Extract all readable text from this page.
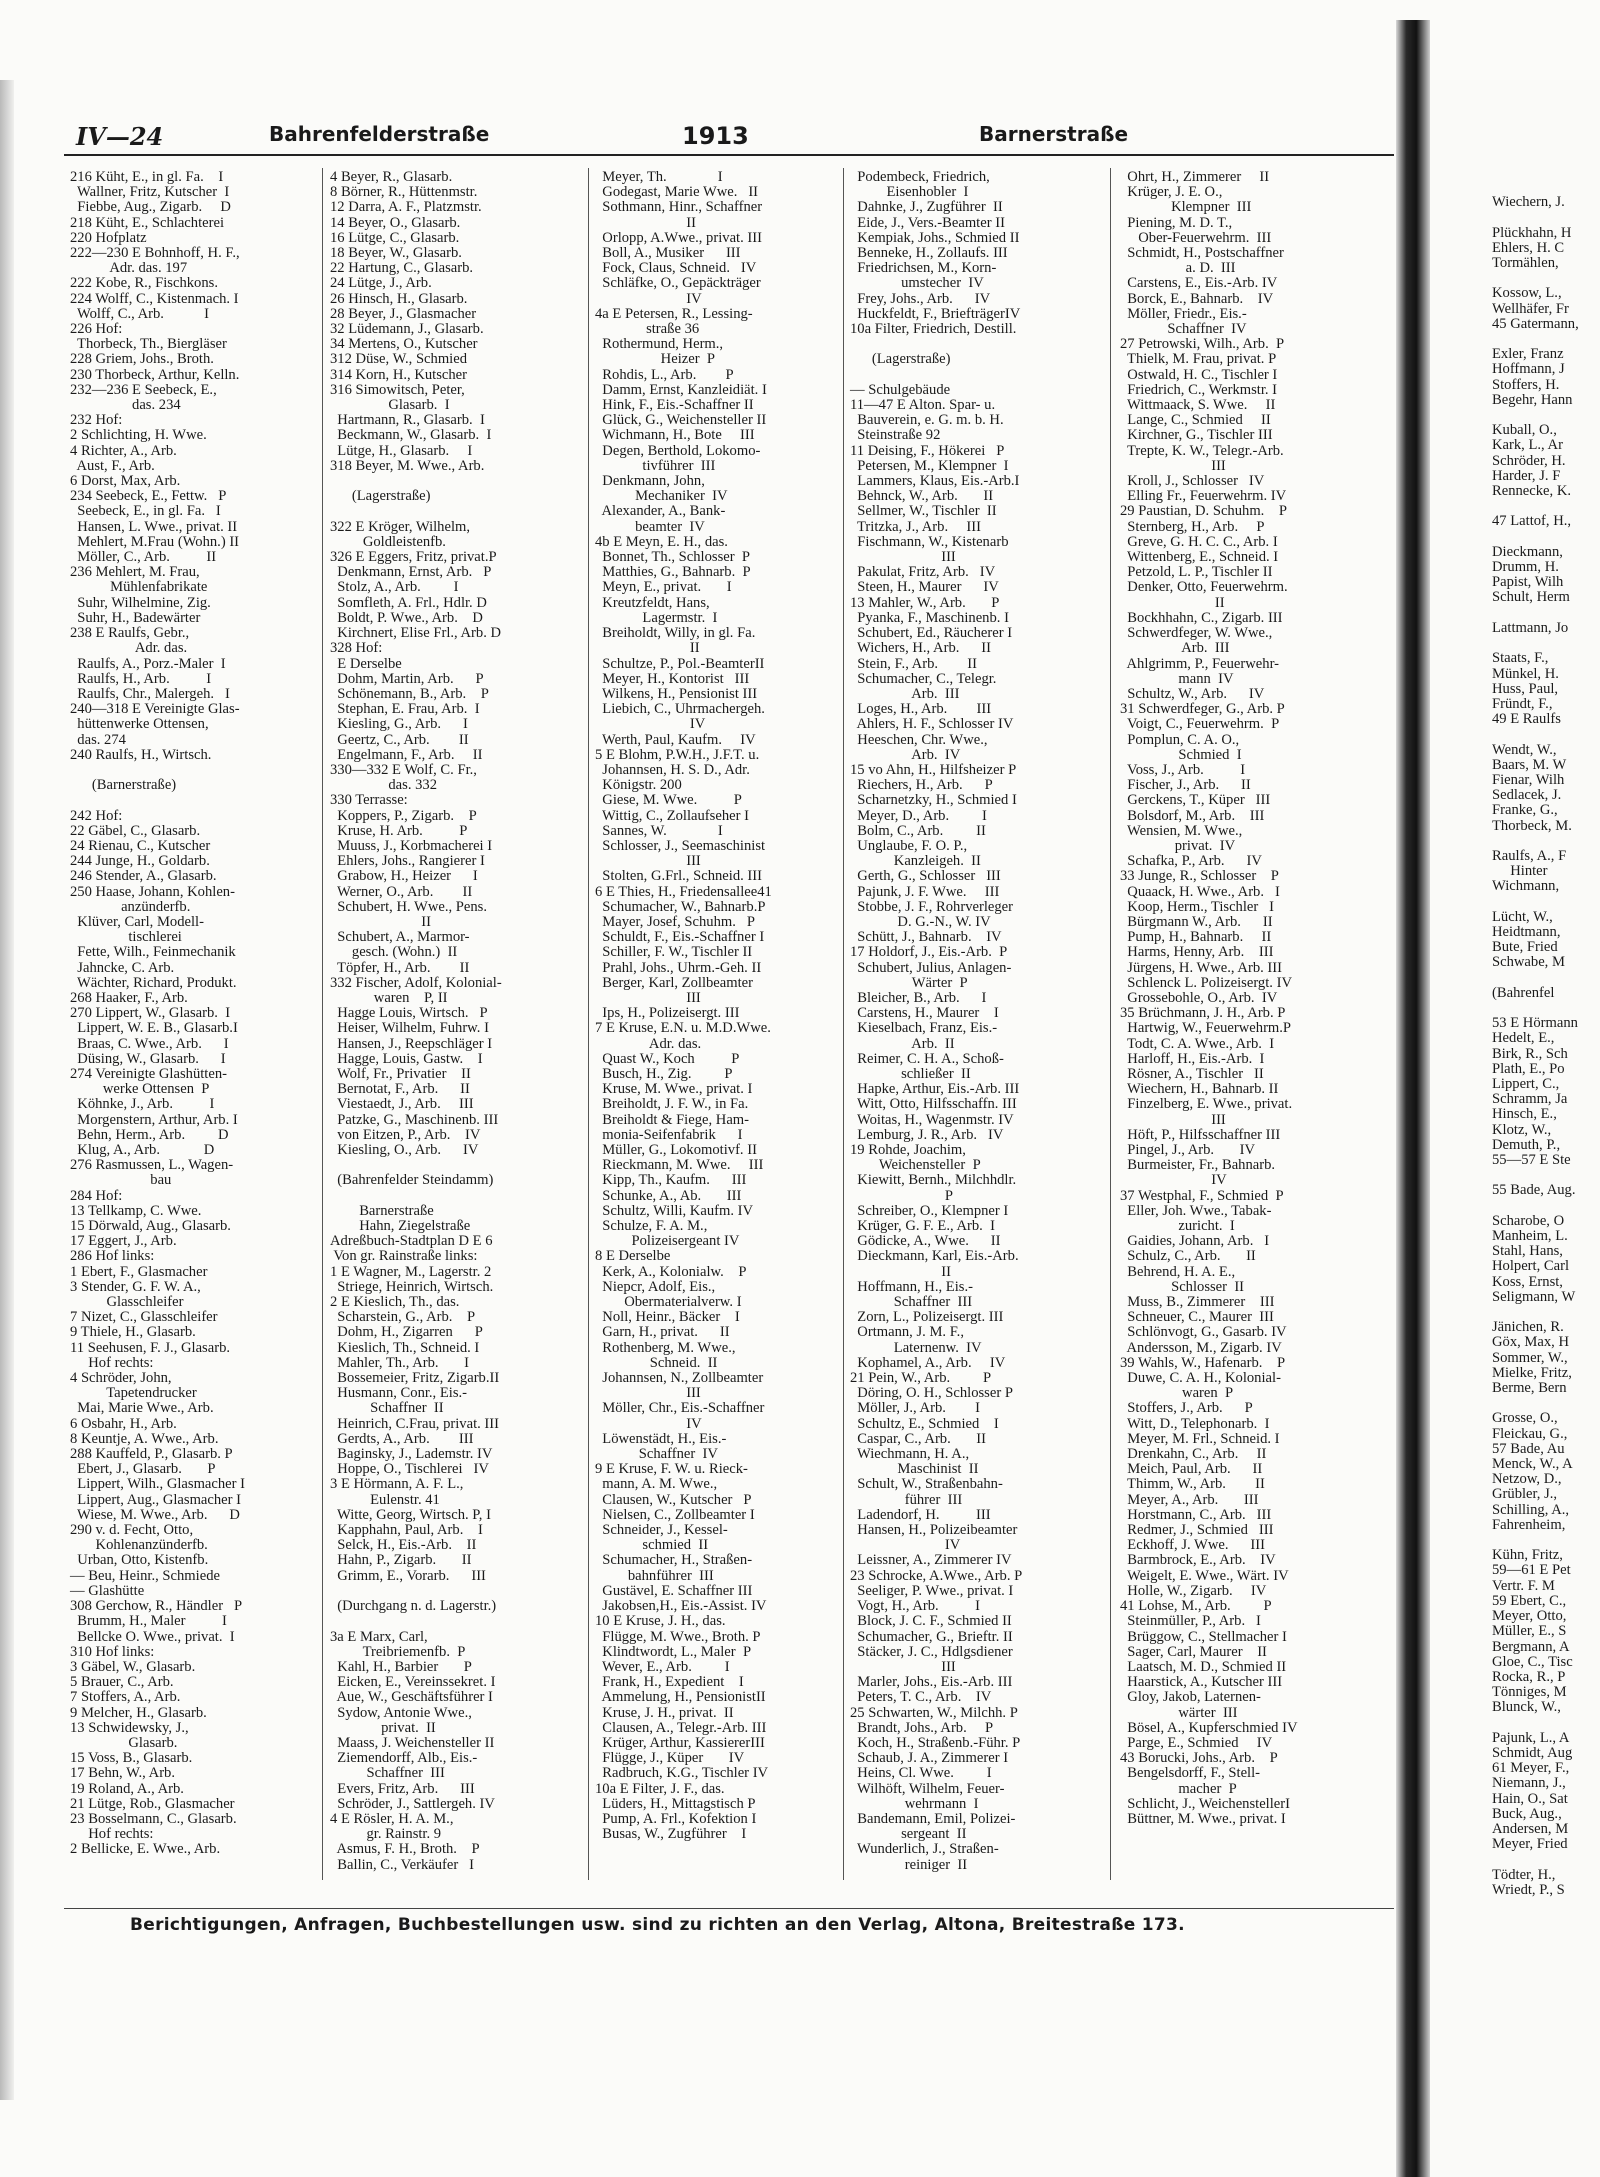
IV—24	Bahrenfelderstraße	1913	Barnerstraße
216 Küht, E., in gl. Fa.    I
Wallner, Fritz, Kutscher  I
Fiebbe, Aug., Zigarb.     D
218 Küht, E., Schlachterei
220 Hofplatz
222—230 E Bohnhoff, H. F.,
Adr. das. 197
222 Kobe, R., Fischkons.
224 Wolff, C., Kistenmach. I
Wolff, C., Arb.           I
226 Hof:
Thorbeck, Th., Biergläser
228 Griem, Johs., Broth.
230 Thorbeck, Arthur, Kelln.
232—236 E Seebeck, E.,
das. 234
232 Hof:
2 Schlichting, H. Wwe.
4 Richter, A., Arb.
Aust, F., Arb.
6 Dorst, Max, Arb.
234 Seebeck, E., Fettw.   P
Seebeck, E., in gl. Fa.   I
Hansen, L. Wwe., privat. II
Mehlert, M.Frau (Wohn.) II
Möller, C., Arb.          II
236 Mehlert, M. Frau,
Mühlenfabrikate
Suhr, Wilhelmine, Zig.
Suhr, H., Badewärter
238 E Raulfs, Gebr.,
Adr. das.
Raulfs, A., Porz.-Maler  I
Raulfs, H., Arb.          I
Raulfs, Chr., Malergeh.   I
240—318 E Vereinigte Glas-
hüttenwerke Ottensen,
das. 274
240 Raulfs, H., Wirtsch.

(Barnerstraße)

242 Hof:
22 Gäbel, C., Glasarb.
24 Rienau, C., Kutscher
244 Junge, H., Goldarb.
246 Stender, A., Glasarb.
250 Haase, Johann, Kohlen-
anzünderfb.
Klüver, Carl, Modell-
tischlerei
Fette, Wilh., Feinmechanik
Jahncke, C. Arb.
Wächter, Richard, Produkt.
268 Haaker, F., Arb.
270 Lippert, W., Glasarb.  I
Lippert, W. E. B., Glasarb.I
Braas, C. Wwe., Arb.      I
Düsing, W., Glasarb.      I
274 Vereinigte Glashütten-
werke Ottensen  P
Köhnke, J., Arb.          I
Morgenstern, Arthur, Arb. I
Behn, Herm., Arb.         D
Klug, A., Arb.            D
276 Rasmussen, L., Wagen-
bau
284 Hof:
13 Tellkamp, C. Wwe.
15 Dörwald, Aug., Glasarb.
17 Eggert, J., Arb.
286 Hof links:
1 Ebert, F., Glasmacher
3 Stender, G. F. W. A.,
Glasschleifer
7 Nizet, C., Glasschleifer
9 Thiele, H., Glasarb.
11 Seehusen, F. J., Glasarb.
Hof rechts:
4 Schröder, John,
Tapetendrucker
Mai, Marie Wwe., Arb.
6 Osbahr, H., Arb.
8 Keuntje, A. Wwe., Arb.
288 Kauffeld, P., Glasarb. P
Ebert, J., Glasarb.       P
Lippert, Wilh., Glasmacher I
Lippert, Aug., Glasmacher I
Wiese, M. Wwe., Arb.      D
290 v. d. Fecht, Otto,
Kohlenanzünderfb.
Urban, Otto, Kistenfb.
— Beu, Heinr., Schmiede
— Glashütte
308 Gerchow, R., Händler   P
Brumm, H., Maler          I
Bellcke O. Wwe., privat.  I
310 Hof links:
3 Gäbel, W., Glasarb.
5 Brauer, C., Arb.
7 Stoffers, A., Arb.
9 Melcher, H., Glasarb.
13 Schwidewsky, J.,
Glasarb.
15 Voss, B., Glasarb.
17 Behn, W., Arb.
19 Roland, A., Arb.
21 Lütge, Rob., Glasmacher
23 Bosselmann, C., Glasarb.
Hof rechts:
2 Bellicke, E. Wwe., Arb.
4 Beyer, R., Glasarb.
8 Börner, R., Hüttenmstr.
12 Darra, A. F., Platzmstr.
14 Beyer, O., Glasarb.
16 Lütge, C., Glasarb.
18 Beyer, W., Glasarb.
22 Hartung, C., Glasarb.
24 Lütge, J., Arb.
26 Hinsch, H., Glasarb.
28 Beyer, J., Glasmacher
32 Lüdemann, J., Glasarb.
34 Mertens, O., Kutscher
312 Düse, W., Schmied
314 Korn, H., Kutscher
316 Simowitsch, Peter,
Glasarb.  I
Hartmann, R., Glasarb.  I
Beckmann, W., Glasarb.  I
Lütge, H., Glasarb.     I
318 Beyer, M. Wwe., Arb.

(Lagerstraße)

322 E Kröger, Wilhelm,
Goldleistenfb.
326 E Eggers, Fritz, privat.P
Denkmann, Ernst, Arb.   P
Stolz, A., Arb.         I
Somfleth, A. Frl., Hdlr. D
Boldt, P. Wwe., Arb.    D
Kirchnert, Elise Frl., Arb. D
328 Hof:
E Derselbe
Dohm, Martin, Arb.      P
Schönemann, B., Arb.    P
Stephan, E. Frau, Arb.  I
Kiesling, G., Arb.      I
Geertz, C., Arb.        II
Engelmann, F., Arb.     II
330—332 E Wolf, C. Fr.,
das. 332
330 Terrasse:
Koppers, P., Zigarb.    P
Kruse, H. Arb.          P
Muuss, J., Korbmacherei I
Ehlers, Johs., Rangierer I
Grabow, H., Heizer      I
Werner, O., Arb.        II
Schubert, H. Wwe., Pens.
II
Schubert, A., Marmor-
gesch. (Wohn.)  II
Töpfer, H., Arb.        II
332 Fischer, Adolf, Kolonial-
waren    P, II
Hagge Louis, Wirtsch.   P
Heiser, Wilhelm, Fuhrw. I
Hansen, J., Reepschläger I
Hagge, Louis, Gastw.    I
Wolf, Fr., Privatier    II
Bernotat, F., Arb.      II
Viestaedt, J., Arb.     III
Patzke, G., Maschinenb. III
von Eitzen, P., Arb.    IV
Kiesling, O., Arb.      IV

(Bahrenfelder Steindamm)

Barnerstraße
Hahn, Ziegelstraße
Adreßbuch-Stadtplan D E 6
Von gr. Rainstraße links:
1 E Wagner, M., Lagerstr. 2
Striege, Heinrich, Wirtsch.
2 E Kieslich, Th., das.
Scharstein, G., Arb.    P
Dohm, H., Zigarren      P
Kieslich, Th., Schneid. I
Mahler, Th., Arb.       I
Bossemeier, Fritz, Zigarb.II
Husmann, Conr., Eis.-
Schaffner  II
Heinrich, C.Frau, privat. III
Gerdts, A., Arb.        III
Baginsky, J., Lademstr. IV
Hoppe, O., Tischlerei   IV
3 E Hörmann, A. F. L.,
Eulenstr. 41
Witte, Georg, Wirtsch. P, I
Kapphahn, Paul, Arb.    I
Selck, H., Eis.-Arb.    II
Hahn, P., Zigarb.       II
Grimm, E., Vorarb.      III

(Durchgang n. d. Lagerstr.)

3a E Marx, Carl,
Treibriemenfb.  P
Kahl, H., Barbier       P
Eicken, E., Vereinssekret. I
Aue, W., Geschäftsführer I
Sydow, Antonie Wwe.,
privat.  II
Maass, J. Weichensteller II
Ziemendorff, Alb., Eis.-
Schaffner  III
Evers, Fritz, Arb.      III
Schröder, J., Sattlergeh. IV
4 E Rösler, H. A. M.,
gr. Rainstr. 9
Asmus, F. H., Broth.    P
Ballin, C., Verkäufer   I
Meyer, Th.              I
Godegast, Marie Wwe.   II
Sothmann, Hinr., Schaffner
II
Orlopp, A.Wwe., privat. III
Boll, A., Musiker      III
Fock, Claus, Schneid.   IV
Schläfke, O., Gepäckträger
IV
4a E Petersen, R., Lessing-
straße 36
Rothermund, Herm.,
Heizer  P
Rohdis, L., Arb.        P
Damm, Ernst, Kanzleidiät. I
Hink, F., Eis.-Schaffner II
Glück, G., Weichensteller II
Wichmann, H., Bote     III
Degen, Berthold, Lokomo-
tivführer  III
Denkmann, John,
Mechaniker  IV
Alexander, A., Bank-
beamter  IV
4b E Meyn, E. H., das.
Bonnet, Th., Schlosser  P
Matthies, G., Bahnarb.  P
Meyn, E., privat.       I
Kreutzfeldt, Hans,
Lagermstr.  I
Breiholdt, Willy, in gl. Fa.
II
Schultze, P., Pol.-BeamterII
Meyer, H., Kontorist   III
Wilkens, H., Pensionist III
Liebich, C., Uhrmachergeh.
IV
Werth, Paul, Kaufm.     IV
5 E Blohm, P.W.H., J.F.T. u.
Johannsen, H. S. D., Adr.
Königstr. 200
Giese, M. Wwe.          P
Wittig, C., Zollaufseher I
Sannes, W.              I
Schlosser, J., Seemaschinist
III
Stolten, G.Frl., Schneid. III
6 E Thies, H., Friedensallee41
Schumacher, W., Bahnarb.P
Mayer, Josef, Schuhm.   P
Schuldt, F., Eis.-Schaffner I
Schiller, F. W., Tischler II
Prahl, Johs., Uhrm.-Geh. II
Berger, Karl, Zollbeamter
III
Ips, H., Polizeisergt. III
7 E Kruse, E.N. u. M.D.Wwe.
Adr. das.
Quast W., Koch          P
Busch, H., Zig.         P
Kruse, M. Wwe., privat. I
Breiholdt, J. F. W., in Fa.
Breiholdt & Fiege, Ham-
monia-Seifenfabrik      I
Müller, G., Lokomotivf. II
Rieckmann, M. Wwe.     III
Kipp, Th., Kaufm.      III
Schunke, A., Ab.       III
Schultz, Willi, Kaufm. IV
Schulze, F. A. M.,
Polizeisergeant IV
8 E Derselbe
Kerk, A., Kolonialw.    P
Niepcr, Adolf, Eis.,
Obermaterialverw. I
Noll, Heinr., Bäcker    I
Garn, H., privat.      II
Rothenberg, M. Wwe.,
Schneid.  II
Johannsen, N., Zollbeamter
III
Möller, Chr., Eis.-Schaffner
IV
Löwenstädt, H., Eis.-
Schaffner  IV
9 E Kruse, F. W. u. Rieck-
mann, A. M. Wwe.,
Clausen, W., Kutscher   P
Nielsen, C., Zollbeamter I
Schneider, J., Kessel-
schmied  II
Schumacher, H., Straßen-
bahnführer  III
Gustävel, E. Schaffner III
Jakobsen,H., Eis.-Assist. IV
10 E Kruse, J. H., das.
Flügge, M. Wwe., Broth. P
Klindtwordt, L., Maler  P
Wever, E., Arb.         I
Frank, H., Expedient    I
Ammelung, H., PensionistII
Kruse, J. H., privat.  II
Clausen, A., Telegr.-Arb. III
Krüger, Arthur, KassiererIII
Flügge, J., Küper       IV
Radbruch, K.G., Tischler IV
10a E Filter, J. F., das.
Lüders, H., Mittagstisch P
Pump, A. Frl., Kofektion I
Busas, W., Zugführer    I
Podembeck, Friedrich,
Eisenhobler  I
Dahnke, J., Zugführer  II
Eide, J., Vers.-Beamter II
Kempiak, Johs., Schmied II
Benneke, H., Zollaufs. III
Friedrichsen, M., Korn-
umstecher  IV
Frey, Johs., Arb.      IV
Huckfeldt, F., BriefträgerIV
10a Filter, Friedrich, Destill.

(Lagerstraße)

— Schulgebäude
11—47 E Alton. Spar- u.
Bauverein, e. G. m. b. H.
Steinstraße 92
11 Deising, F., Hökerei   P
Petersen, M., Klempner  I
Lammers, Klaus, Eis.-Arb.I
Behnck, W., Arb.       II
Sellmer, W., Tischler  II
Tritzka, J., Arb.     III
Fischmann, W., Kistenarb
III
Pakulat, Fritz, Arb.   IV
Steen, H., Maurer      IV
13 Mahler, W., Arb.       P
Pyanka, F., Maschinenb. I
Schubert, Ed., Räucherer I
Wichers, H., Arb.      II
Stein, F., Arb.        II
Schumacher, C., Telegr.
Arb.  III
Loges, H., Arb.        III
Ahlers, H. F., Schlosser IV
Heeschen, Chr. Wwe.,
Arb.  IV
15 vo Ahn, H., Hilfsheizer P
Riechers, H., Arb.      P
Scharnetzky, H., Schmied I
Meyer, D., Arb.         I
Bolm, C., Arb.         II
Unglaube, F. O. P.,
Kanzleigeh.  II
Gerth, G., Schlosser   III
Pajunk, J. F. Wwe.     III
Stobbe, J. F., Rohrverleger
D. G.-N., W. IV
Schütt, J., Bahnarb.    IV
17 Holdorf, J., Eis.-Arb.  P
Schubert, Julius, Anlagen-
Wärter  P
Bleicher, B., Arb.      I
Carstens, H., Maurer    I
Kieselbach, Franz, Eis.-
Arb.  II
Reimer, C. H. A., Schoß-
schließer  II
Hapke, Arthur, Eis.-Arb. III
Witt, Otto, Hilfsschaffn. III
Woitas, H., Wagenmstr. IV
Lemburg, J. R., Arb.   IV
19 Rohde, Joachim,
Weichensteller  P
Kiewitt, Bernh., Milchhdlr.
P
Schreiber, O., Klempner I
Krüger, G. F. E., Arb.  I
Gödicke, A., Wwe.      II
Dieckmann, Karl, Eis.-Arb.
II
Hoffmann, H., Eis.-
Schaffner  III
Zorn, L., Polizeisergt. III
Ortmann, J. M. F.,
Laternenw.  IV
Kophamel, A., Arb.     IV
21 Pein, W., Arb.         P
Döring, O. H., Schlosser P
Möller, J., Arb.        I
Schultz, E., Schmied    I
Caspar, C., Arb.       II
Wiechmann, H. A.,
Maschinist  II
Schult, W., Straßenbahn-
führer  III
Ladendorf, H.          III
Hansen, H., Polizeibeamter
IV
Leissner, A., Zimmerer IV
23 Schrocke, A.Wwe., Arb. P
Seeliger, P. Wwe., privat. I
Vogt, H., Arb.          I
Block, J. C. F., Schmied II
Schumacher, G., Brieftr. II
Stäcker, J. C., Hdlgsdiener
III
Marler, Johs., Eis.-Arb. III
Peters, T. C., Arb.    IV
25 Schwarten, W., Milchh. P
Brandt, Johs., Arb.     P
Koch, H., Straßenb.-Führ. P
Schaub, J. A., Zimmerer I
Heins, Cl. Wwe.         I
Wilhöft, Wilhelm, Feuer-
wehrmann  I
Bandemann, Emil, Polizei-
sergeant  II
Wunderlich, J., Straßen-
reiniger  II
Ohrt, H., Zimmerer     II
Krüger, J. E. O.,
Klempner  III
Piening, M. D. T.,
Ober-Feuerwehrm.  III
Schmidt, H., Postschaffner
a. D.  III
Carstens, E., Eis.-Arb. IV
Borck, E., Bahnarb.    IV
Möller, Friedr., Eis.-
Schaffner  IV
27 Petrowski, Wilh., Arb.  P
Thielk, M. Frau, privat. P
Ostwald, H. C., Tischler I
Friedrich, C., Werkmstr. I
Wittmaack, S. Wwe.     II
Lange, C., Schmied     II
Kirchner, G., Tischler III
Trepte, K. W., Telegr.-Arb.
III
Kroll, J., Schlosser   IV
Elling Fr., Feuerwehrm. IV
29 Paustian, D. Schuhm.    P
Sternberg, H., Arb.     P
Greve, G. H. C. C., Arb. I
Wittenberg, E., Schneid. I
Petzold, L. P., Tischler II
Denker, Otto, Feuerwehrm.
II
Bockhhahn, C., Zigarb. III
Schwerdfeger, W. Wwe.,
Arb.  III
Ahlgrimm, P., Feuerwehr-
mann  IV
Schultz, W., Arb.      IV
31 Schwerdfeger, G., Arb. P
Voigt, C., Feuerwehrm.  P
Pomplun, C. A. O.,
Schmied  I
Voss, J., Arb.          I
Fischer, J., Arb.      II
Gerckens, T., Küper   III
Bolsdorf, M., Arb.    III
Wensien, M. Wwe.,
privat.  IV
Schafka, P., Arb.      IV
33 Junge, R., Schlosser    P
Quaack, H. Wwe., Arb.   I
Koop, Herm., Tischler   I
Bürgmann W., Arb.      II
Pump, H., Bahnarb.     II
Harms, Henny, Arb.    III
Jürgens, H. Wwe., Arb. III
Schlenck L. Polizeisergt. IV
Grossebohle, O., Arb.  IV
35 Brüchmann, J. H., Arb. P
Hartwig, W., Feuerwehrm.P
Todt, C. A. Wwe., Arb.  I
Harloff, H., Eis.-Arb.  I
Rösner, A., Tischler   II
Wiechern, H., Bahnarb. II
Finzelberg, E. Wwe., privat.
III
Höft, P., Hilfsschaffner III
Pingel, J., Arb.       IV
Burmeister, Fr., Bahnarb.
IV
37 Westphal, F., Schmied  P
Eller, Joh. Wwe., Tabak-
zuricht.  I
Gaidies, Johann, Arb.   I
Schulz, C., Arb.       II
Behrend, H. A. E.,
Schlosser  II
Muss, B., Zimmerer    III
Schneuer, C., Maurer  III
Schlönvogt, G., Gasarb. IV
Andersson, M., Zigarb. IV
39 Wahls, W., Hafenarb.    P
Duwe, C. A. H., Kolonial-
waren  P
Stoffers, J., Arb.      P
Witt, D., Telephonarb.  I
Meyer, M. Frl., Schneid. I
Drenkahn, C., Arb.     II
Meich, Paul, Arb.      II
Thimm, W., Arb.        II
Meyer, A., Arb.       III
Horstmann, C., Arb.   III
Redmer, J., Schmied   III
Eckhoff, J. Wwe.      III
Barmbrock, E., Arb.    IV
Weigelt, E. Wwe., Wärt. IV
Holle, W., Zigarb.     IV
41 Lohse, M., Arb.         P
Steinmüller, P., Arb.   I
Brüggow, C., Stellmacher I
Sager, Carl, Maurer    II
Laatsch, M. D., Schmied II
Haarstick, A., Kutscher III
Gloy, Jakob, Laternen-
wärter  III
Bösel, A., Kupferschmied IV
Parge, E., Schmied     IV
43 Borucki, Johs., Arb.    P
Bengelsdorff, F., Stell-
macher  P
Schlicht, J., WeichenstellerI
Büttner, M. Wwe., privat. I

Wiechern, J.

Plückhahn, H
Ehlers, H. C
Tormählen,

Kossow, L.,
Wellhäfer, Fr
45 Gatermann,

Exler, Franz
Hoffmann, J
Stoffers, H.
Begehr, Hann

Kuball, O.,
Kark, L., Ar
Schröder, H.
Harder, J. F
Rennecke, K.

47 Lattof, H.,

Dieckmann,
Drumm, H.
Papist, Wilh
Schult, Herm

Lattmann, Jo

Staats, F.,
Münkel, H.
Huss, Paul,
Fründt, F.,
49 E Raulfs

Wendt, W.,
Baars, M. W
Fienar, Wilh
Sedlacek, J.
Franke, G.,
Thorbeck, M.

Raulfs, A., F
Hinter
Wichmann,

Lücht, W.,
Heidtmann,
Bute, Fried
Schwabe, M

(Bahrenfel

53 E Hörmann
Hedelt, E.,
Birk, R., Sch
Plath, E., Po
Lippert, C.,
Schramm, Ja
Hinsch, E.,
Klotz, W.,
Demuth, P.,
55—57 E Ste

55 Bade, Aug.

Scharobe, O
Manheim, L.
Stahl, Hans,
Holpert, Carl
Koss, Ernst,
Seligmann, W

Jänichen, R.
Göx, Max, H
Sommer, W.,
Mielke, Fritz,
Berme, Bern

Grosse, O.,
Fleickau, G.,
57 Bade, Au
Menck, W., A
Netzow, D.,
Grübler, J.,
Schilling, A.,
Fahrenheim,

Kühn, Fritz,
59—61 E Pet
Vertr. F. M
59 Ebert, C.,
Meyer, Otto,
Müller, E., S
Bergmann, A
Gloe, C., Tisc
Rocka, R., P
Tönniges, M
Blunck, W.,

Pajunk, L., A
Schmidt, Aug
61 Meyer, F.,
Niemann, J.,
Hain, O., Sat
Buck, Aug.,
Andersen, M
Meyer, Fried

Tödter, H.,
Wriedt, P., S
Berichtigungen, Anfragen, Buchbestellungen usw. sind zu richten an den Verlag, Altona, Breitestraße 173.
